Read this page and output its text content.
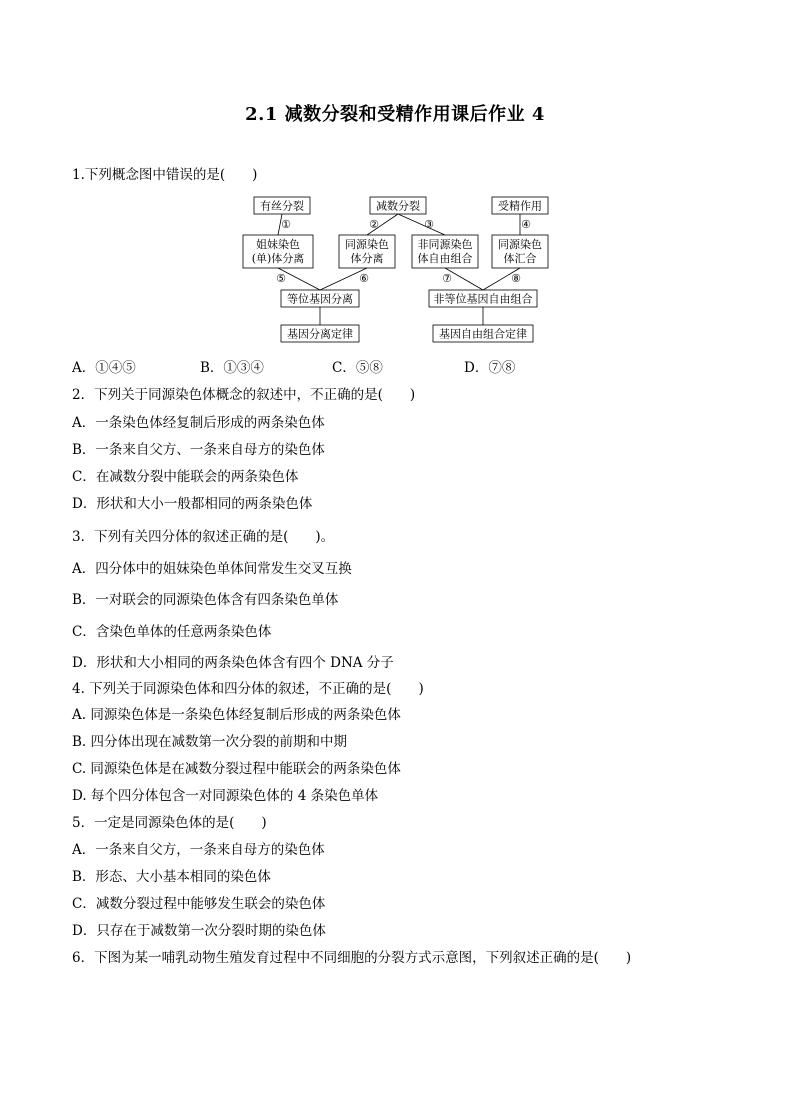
2.1 减数分裂和受精作用课后作业 4
1.下列概念图中错误的是(　　)
有丝分裂	减数分裂	受精作用
①	②	③	④
姐妹染色
(单)体分离
同源染色
体分离
非同源染色
体自由组合
同源染色
体汇合
⑤	⑥	⑦	⑧
等位基因分离	非等位基因自由组合
基因分离定律	基因自由组合定律
A．①④⑤	B．①③④	C．⑤⑧	D．⑦⑧
2．下列关于同源染色体概念的叙述中，不正确的是(　　)
A．一条染色体经复制后形成的两条染色体
B．一条来自父方、一条来自母方的染色体
C．在减数分裂中能联会的两条染色体
D．形状和大小一般都相同的两条染色体
3．下列有关四分体的叙述正确的是(　　)。
A．四分体中的姐妹染色单体间常发生交叉互换
B．一对联会的同源染色体含有四条染色单体
C．含染色单体的任意两条染色体
D．形状和大小相同的两条染色体含有四个 DNA 分子
4. 下列关于同源染色体和四分体的叙述，不正确的是(　　)
A. 同源染色体是一条染色体经复制后形成的两条染色体
B. 四分体出现在减数第一次分裂的前期和中期
C. 同源染色体是在减数分裂过程中能联会的两条染色体
D. 每个四分体包含一对同源染色体的 4 条染色单体
5．一定是同源染色体的是(　　)
A．一条来自父方，一条来自母方的染色体
B．形态、大小基本相同的染色体
C．减数分裂过程中能够发生联会的染色体
D．只存在于减数第一次分裂时期的染色体
6．下图为某一哺乳动物生殖发育过程中不同细胞的分裂方式示意图，下列叙述正确的是(　　)
